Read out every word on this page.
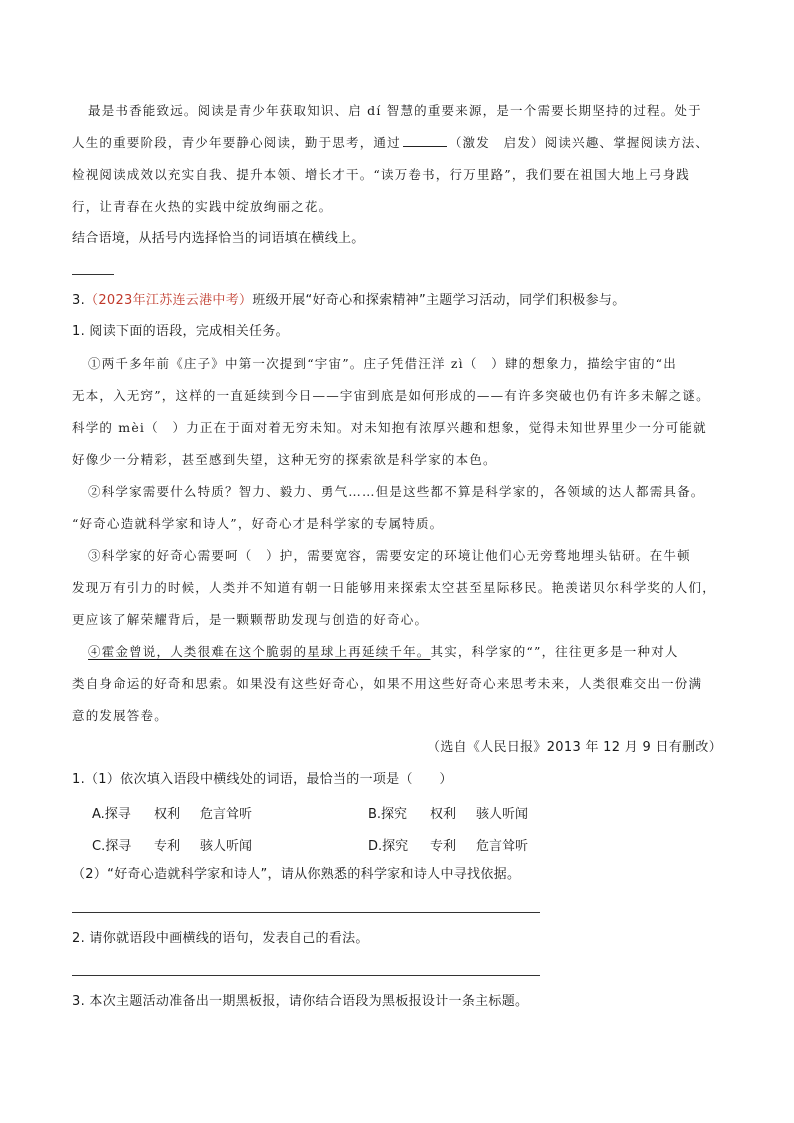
最是书香能致远。阅读是青少年获取知识、启 dí 智慧的重要来源，是一个需要长期坚持的过程。处于
人生的重要阶段，青少年要静心阅读，勤于思考，通过	（激发　启发）阅读兴趣、掌握阅读方法、
检视阅读成效以充实自我、提升本领、增长才干。“读万卷书，行万里路”，我们要在祖国大地上弓身践
行，让青春在火热的实践中绽放绚丽之花。
结合语境，从括号内选择恰当的词语填在横线上。
3.（2023年江苏连云港中考）班级开展“好奇心和探索精神”主题学习活动，同学们积极参与。
1. 阅读下面的语段，完成相关任务。
①两千多年前《庄子》中第一次提到“宇宙”。庄子凭借汪洋 zì（　）肆的想象力，描绘宇宙的“出
无本，入无窍”，这样的一直延续到今日——宇宙到底是如何形成的——有许多突破也仍有许多未解之谜。
科学的 mèi（　）力正在于面对着无穷未知。对未知抱有浓厚兴趣和想象，觉得未知世界里少一分可能就
好像少一分精彩，甚至感到失望，这种无穷的探索欲是科学家的本色。
②科学家需要什么特质？智力、毅力、勇气……但是这些都不算是科学家的，各领域的达人都需具备。
“好奇心造就科学家和诗人”，好奇心才是科学家的专属特质。
③科学家的好奇心需要呵（　）护，需要宽容，需要安定的环境让他们心无旁骛地埋头钻研。在牛顿
发现万有引力的时候，人类并不知道有朝一日能够用来探索太空甚至星际移民。艳羡诺贝尔科学奖的人们，
更应该了解荣耀背后，是一颗颗帮助发现与创造的好奇心。
④霍金曾说，人类很难在这个脆弱的星球上再延续千年。其实，科学家的“”，往往更多是一种对人
类自身命运的好奇和思索。如果没有这些好奇心，如果不用这些好奇心来思考未来，人类很难交出一份满
意的发展答卷。
（选自《人民日报》2013 年 12 月 9 日有删改）
1.（1）依次填入语段中横线处的词语，最恰当的一项是（　　）
A.探寻 权利 危言耸听	B.探究 权利 骇人听闻
C.探寻 专利 骇人听闻	D.探究 专利 危言耸听
（2）“好奇心造就科学家和诗人”，请从你熟悉的科学家和诗人中寻找依据。
2. 请你就语段中画横线的语句，发表自己的看法。
3. 本次主题活动准备出一期黑板报，请你结合语段为黑板报设计一条主标题。
